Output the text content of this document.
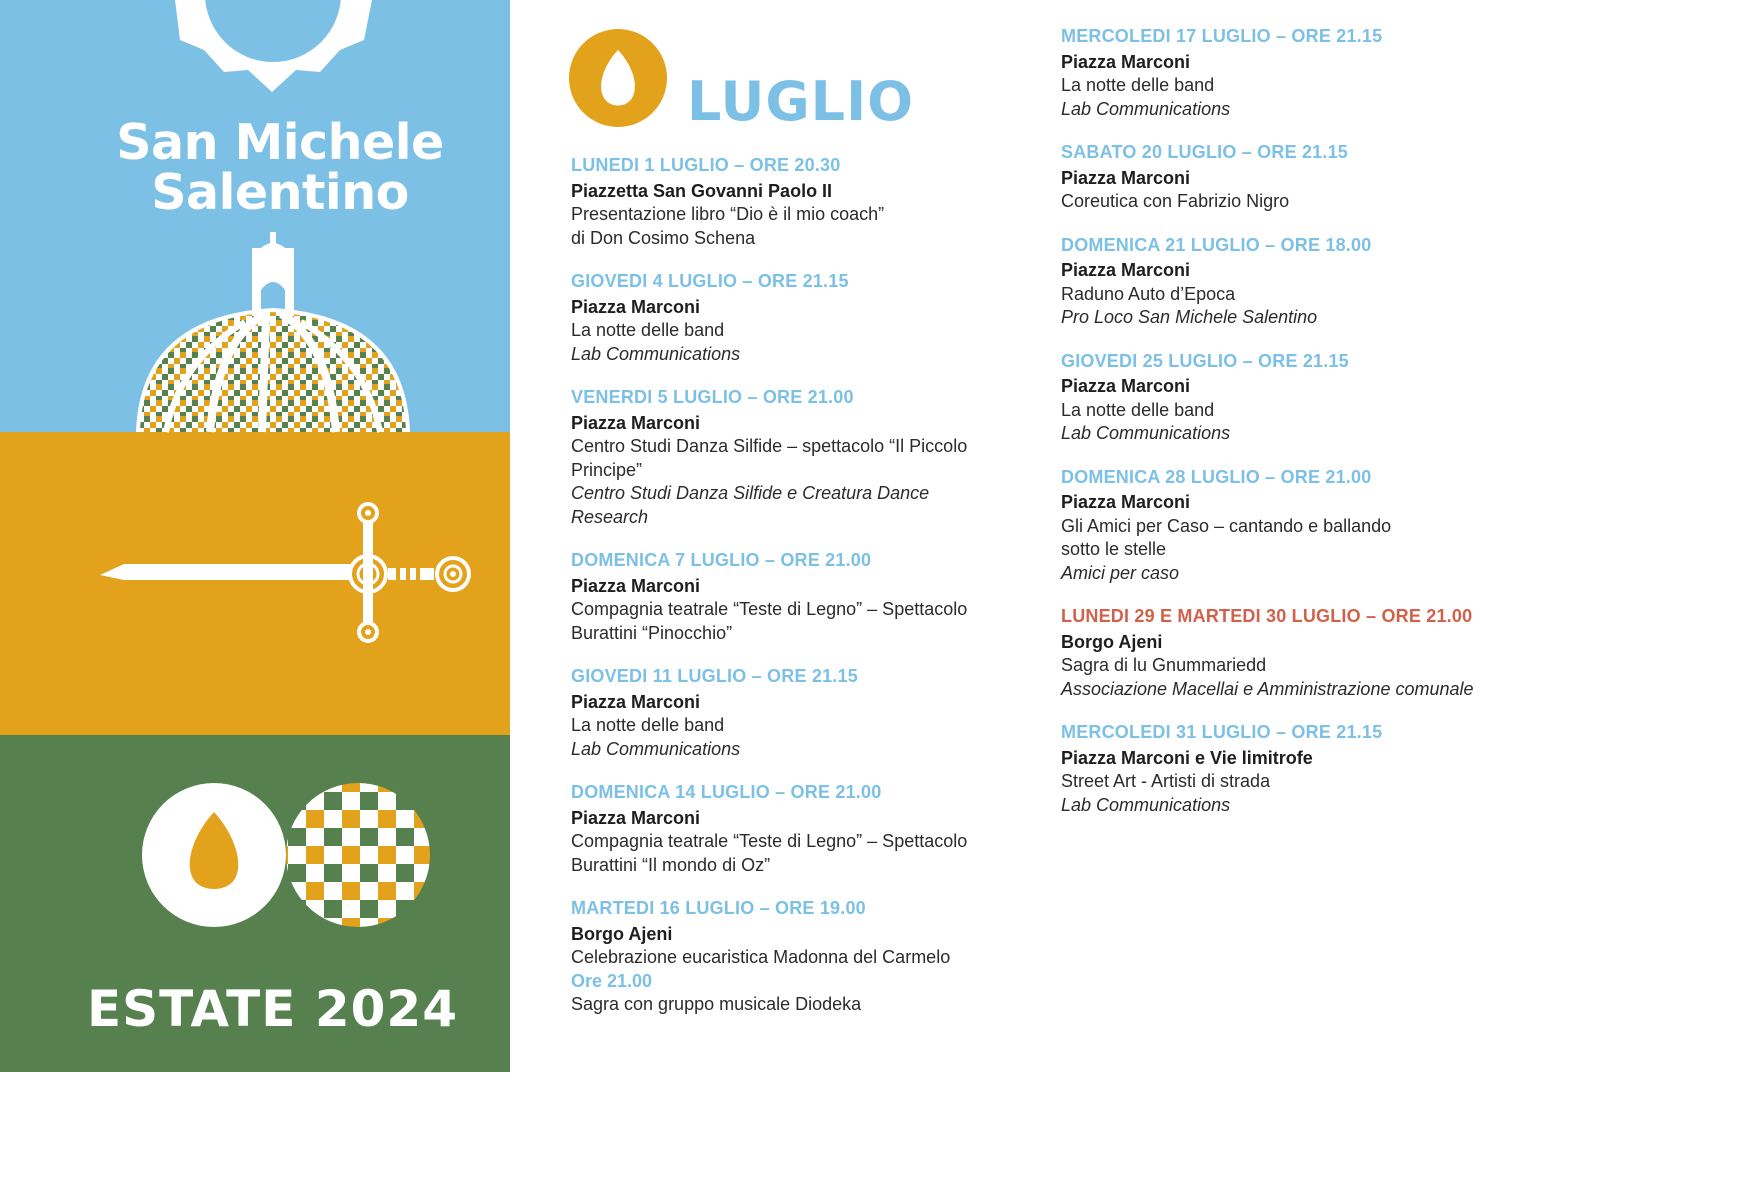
San Michele
Salentino
ESTATE 2024
LUGLIO
LUNEDI 1 LUGLIO – ORE 20.30
Piazzetta San Govanni Paolo II
Presentazione libro “Dio è il mio coach”
di Don Cosimo Schena
GIOVEDI 4 LUGLIO – ORE 21.15
Piazza Marconi
La notte delle band
Lab Communications
VENERDI 5 LUGLIO – ORE 21.00
Piazza Marconi
Centro Studi Danza Silfide – spettacolo “Il Piccolo Principe”
Centro Studi Danza Silfide e Creatura Dance Research
DOMENICA 7 LUGLIO – ORE 21.00
Piazza Marconi
Compagnia teatrale “Teste di Legno” – Spettacolo
Burattini “Pinocchio”
GIOVEDI 11 LUGLIO – ORE 21.15
Piazza Marconi
La notte delle band
Lab Communications
DOMENICA 14 LUGLIO – ORE 21.00
Piazza Marconi
Compagnia teatrale “Teste di Legno” – Spettacolo
Burattini “Il mondo di Oz”
MARTEDI 16 LUGLIO – ORE 19.00
Borgo Ajeni
Celebrazione eucaristica Madonna del Carmelo
Ore 21.00
Sagra con gruppo musicale Diodeka
MERCOLEDI 17 LUGLIO – ORE 21.15
Piazza Marconi
La notte delle band
Lab Communications
SABATO 20 LUGLIO – ORE 21.15
Piazza Marconi
Coreutica con Fabrizio Nigro
DOMENICA 21 LUGLIO – ORE 18.00
Piazza Marconi
Raduno Auto d’Epoca
Pro Loco San Michele Salentino
GIOVEDI 25 LUGLIO – ORE 21.15
Piazza Marconi
La notte delle band
Lab Communications
DOMENICA 28 LUGLIO – ORE 21.00
Piazza Marconi
Gli Amici per Caso – cantando e ballando
sotto le stelle
Amici per caso
LUNEDI 29 E MARTEDI 30 LUGLIO – ORE 21.00
Borgo Ajeni
Sagra di lu Gnummariedd
Associazione Macellai e Amministrazione comunale
MERCOLEDI 31 LUGLIO – ORE 21.15
Piazza Marconi e Vie limitrofe
Street Art - Artisti di strada
Lab Communications
